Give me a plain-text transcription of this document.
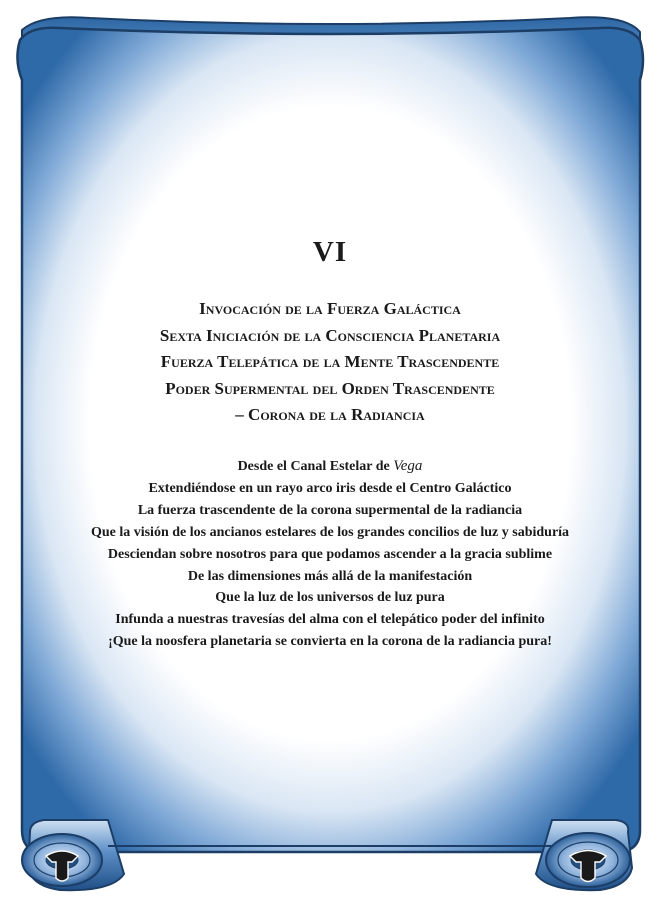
VI
Invocación de la Fuerza Galáctica
Sexta Iniciación de la Consciencia Planetaria
Fuerza Telepática de la Mente Trascendente
Poder Supermental del Orden Trascendente
– Corona de la Radiancia
Desde el Canal Estelar de Vega
Extendiéndose en un rayo arco iris desde el Centro Galáctico
La fuerza trascendente de la corona supermental de la radiancia
Que la visión de los ancianos estelares de los grandes concilios de luz y sabiduría
Desciendan sobre nosotros para que podamos ascender a la gracia sublime
De las dimensiones más allá de la manifestación
Que la luz de los universos de luz pura
Infunda a nuestras travesías del alma con el telepático poder del infinito
¡Que la noosfera planetaria se convierta en la corona de la radiancia pura!
